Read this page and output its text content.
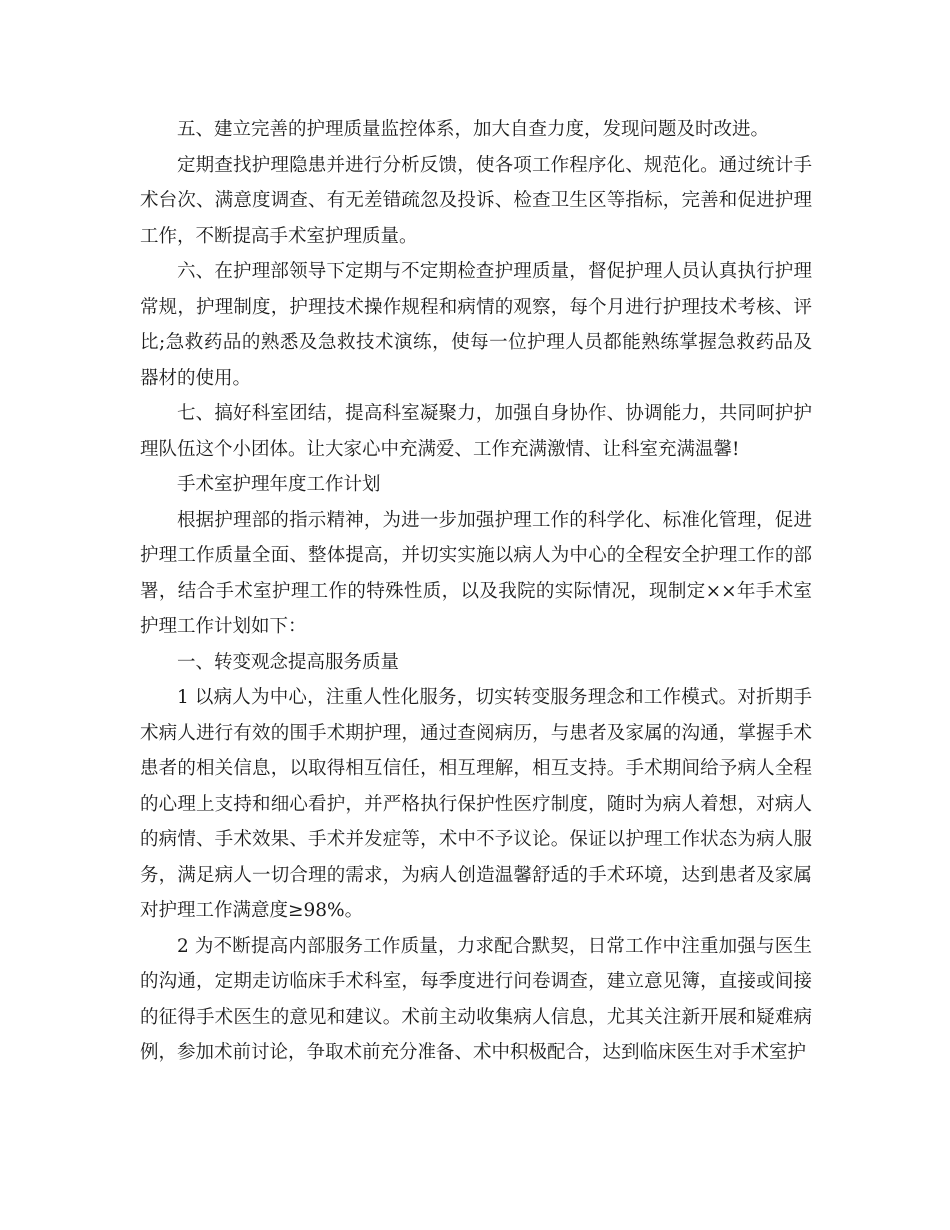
五、建立完善的护理质量监控体系，加大自查力度，发现问题及时改进。

定期查找护理隐患并进行分析反馈，使各项工作程序化、规范化。通过统计手术台次、满意度调查、有无差错疏忽及投诉、检查卫生区等指标，完善和促进护理工作，不断提高手术室护理质量。

六、在护理部领导下定期与不定期检查护理质量，督促护理人员认真执行护理常规，护理制度，护理技术操作规程和病情的观察，每个月进行护理技术考核、评比;急救药品的熟悉及急救技术演练，使每一位护理人员都能熟练掌握急救药品及器材的使用。

七、搞好科室团结，提高科室凝聚力，加强自身协作、协调能力，共同呵护护理队伍这个小团体。让大家心中充满爱、工作充满激情、让科室充满温馨!

手术室护理年度工作计划

根据护理部的指示精神，为进一步加强护理工作的科学化、标准化管理，促进护理工作质量全面、整体提高，并切实实施以病人为中心的全程安全护理工作的部署，结合手术室护理工作的特殊性质，以及我院的实际情况，现制定××年手术室护理工作计划如下：

一、转变观念提高服务质量

1 以病人为中心，注重人性化服务，切实转变服务理念和工作模式。对折期手术病人进行有效的围手术期护理，通过查阅病历，与患者及家属的沟通，掌握手术患者的相关信息，以取得相互信任，相互理解，相互支持。手术期间给予病人全程的心理上支持和细心看护，并严格执行保护性医疗制度，随时为病人着想，对病人的病情、手术效果、手术并发症等，术中不予议论。保证以护理工作状态为病人服务，满足病人一切合理的需求，为病人创造温馨舒适的手术环境，达到患者及家属对护理工作满意度≥98%。

2 为不断提高内部服务工作质量，力求配合默契，日常工作中注重加强与医生的沟通，定期走访临床手术科室，每季度进行问卷调查，建立意见簿，直接或间接的征得手术医生的意见和建议。术前主动收集病人信息，尤其关注新开展和疑难病例，参加术前讨论，争取术前充分准备、术中积极配合，达到临床医生对手术室护
